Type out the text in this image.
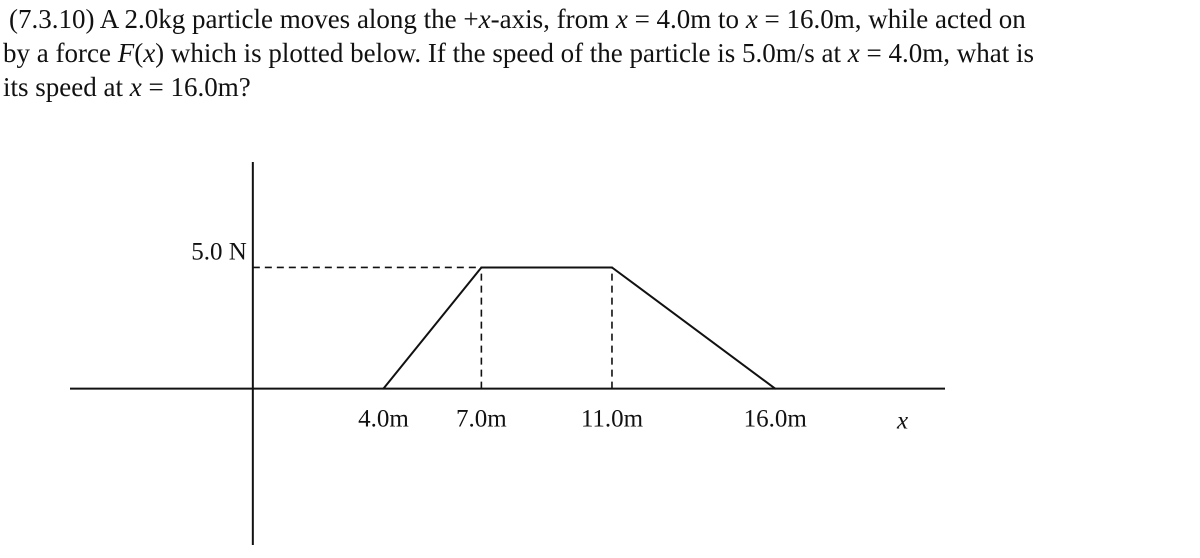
(7.3.10) A 2.0kg particle moves along the +x-axis, from x = 4.0m to x = 16.0m, while acted on
by a force F(x) which is plotted below. If the speed of the particle is 5.0m/s at x = 4.0m, what is
its speed at x = 16.0m?

4.0m 7.0m	11.0m	16.0m
5.0 N
x
